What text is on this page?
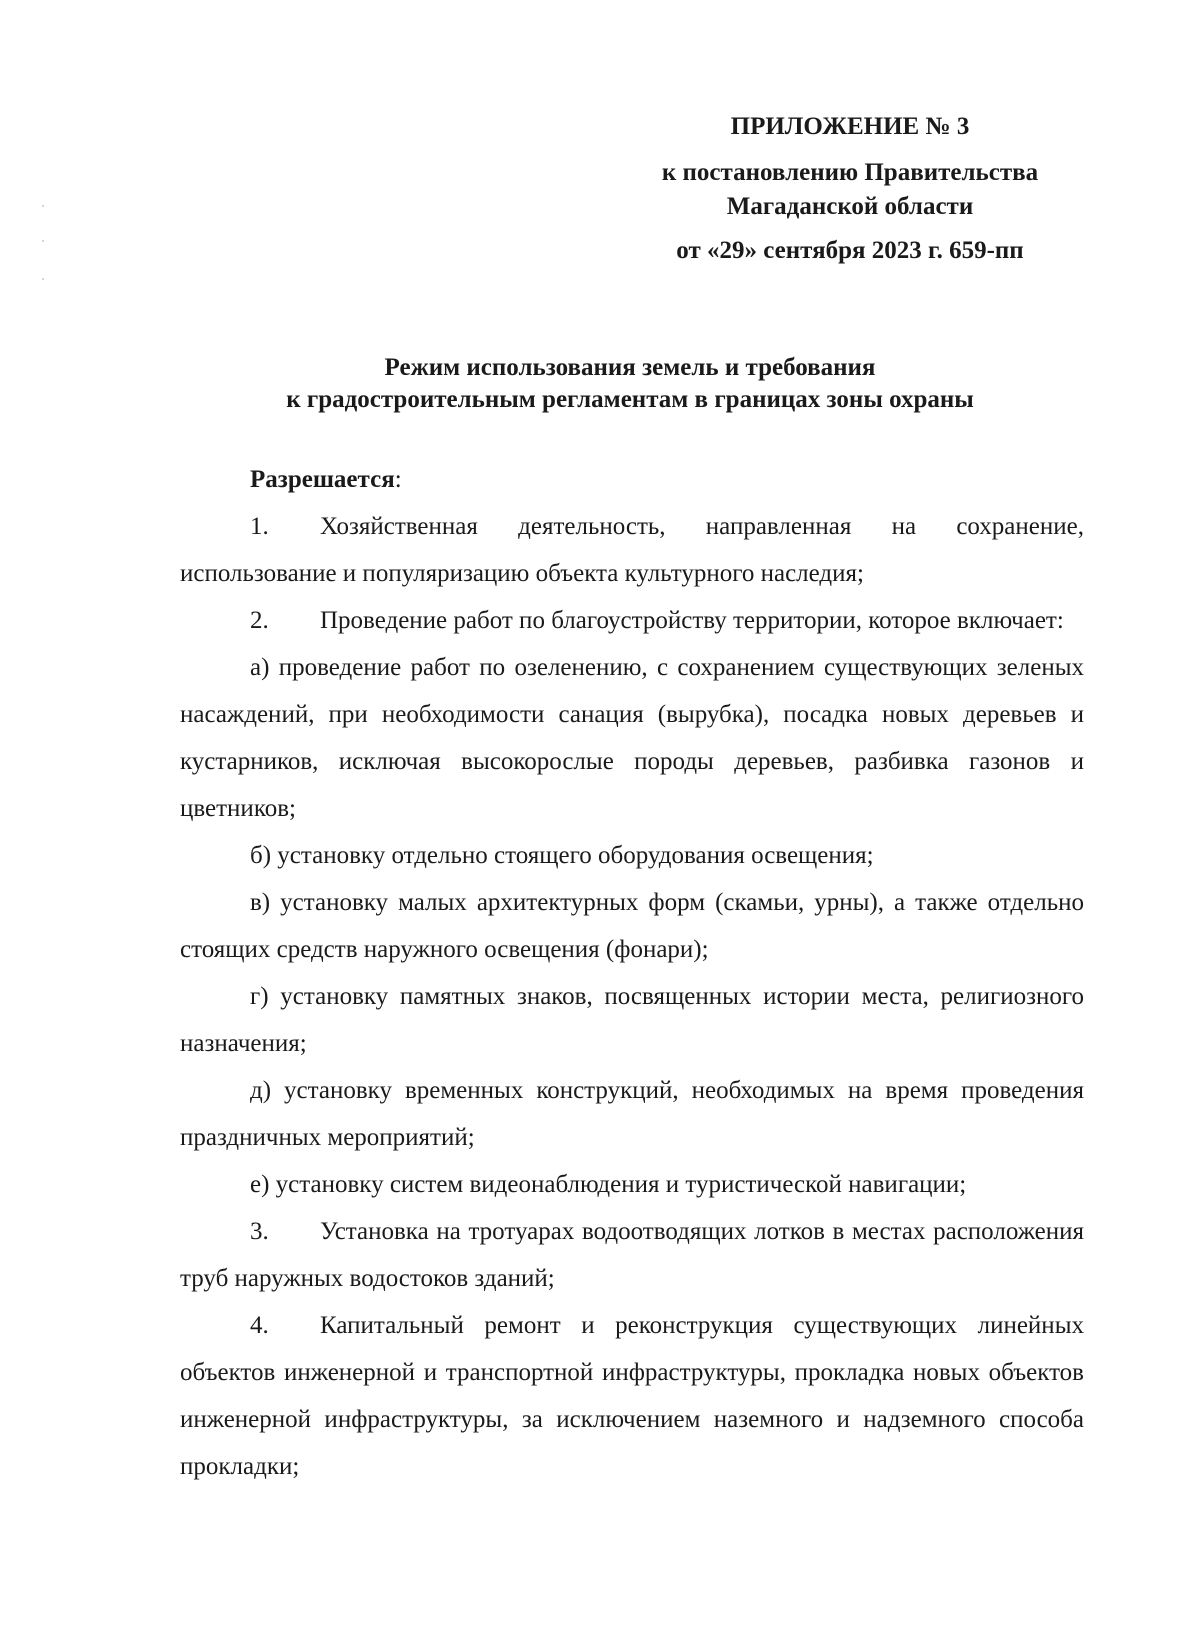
ПРИЛОЖЕНИЕ № 3
к постановлению Правительства
Магаданской области
от «29» сентября 2023 г. 659-пп
Режим использования земель и требования
к градостроительным регламентам в границах зоны охраны

Разрешается:

1. Хозяйственная деятельность, направленная на сохранение, использование и популяризацию объекта культурного наследия;

2. Проведение работ по благоустройству территории, которое включает:

а) проведение работ по озеленению, с сохранением существующих зеленых насаждений, при необходимости санация (вырубка), посадка новых деревьев и кустарников, исключая высокорослые породы деревьев, разбивка газонов и цветников;

б) установку отдельно стоящего оборудования освещения;

в) установку малых архитектурных форм (скамьи, урны), а также отдельно стоящих средств наружного освещения (фонари);

г) установку памятных знаков, посвященных истории места, религиозного назначения;

д) установку временных конструкций, необходимых на время проведения праздничных мероприятий;

е) установку систем видеонаблюдения и туристической навигации;

3. Установка на тротуарах водоотводящих лотков в местах расположения труб наружных водостоков зданий;

4. Капитальный ремонт и реконструкция существующих линейных объектов инженерной и транспортной инфраструктуры, прокладка новых объектов инженерной инфраструктуры, за исключением наземного и надземного способа прокладки;
